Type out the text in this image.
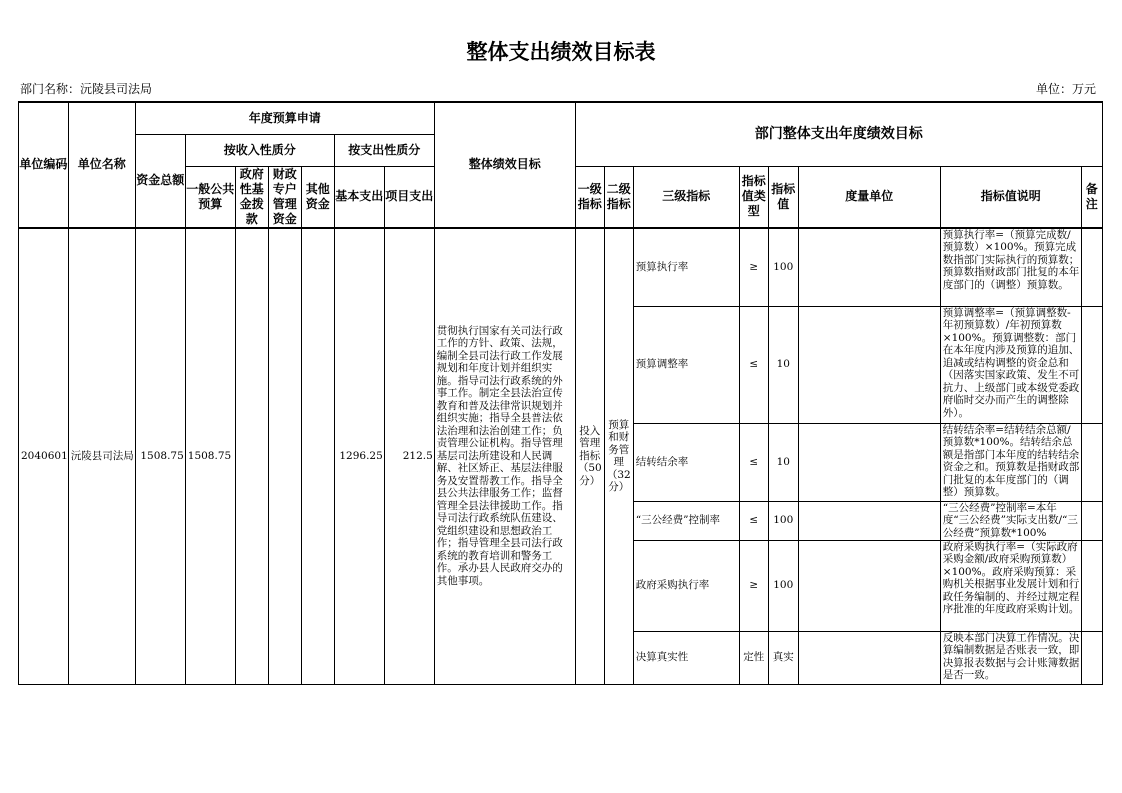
整体支出绩效目标表
部门名称：沅陵县司法局	单位：万元
单位编码	单位名称	年度预算申请							整体绩效目标	部门整体支出年度绩效目标							
		资金总额	按收入性质分				按支出性质分										
			一般公共预算	政府性基金拨款	财政专户管理资金	其他资金	基本支出	项目支出		一级指标	二级指标	三级指标	指标值类型	指标值	度量单位	指标值说明	备注
2040601	沅陵县司法局	1508.75	1508.75				1296.25	212.5	贯彻执行国家有关司法行政工作的方针、政策、法规，编制全县司法行政工作发展规划和年度计划并组织实施。指导司法行政系统的外事工作。制定全县法治宣传教育和普及法律常识规划并组织实施；指导全县普法依法治理和法治创建工作；负责管理公证机构。指导管理基层司法所建设和人民调解、社区矫正、基层法律服务及安置帮教工作。指导全县公共法律服务工作；监督管理全县法律援助工作。指导司法行政系统队伍建设、党组织建设和思想政治工作；指导管理全县司法行政系统的教育培训和警务工作。承办县人民政府交办的其他事项。	投入管理指标（50分）	预算和财务管理（32分）	预算执行率	≥	100		预算执行率=（预算完成数/预算数）×100%。预算完成数指部门实际执行的预算数；预算数指财政部门批复的本年度部门的（调整）预算数。	

												预算调整率	≤	10		预算调整率=（预算调整数-年初预算数）/年初预算数×100%。预算调整数：部门在本年度内涉及预算的追加、追减或结构调整的资金总和（因落实国家政策、发生不可抗力、上级部门或本级党委政府临时交办而产生的调整除外）。	

												结转结余率	≤	10		结转结余率=结转结余总额/预算数*100%。结转结余总额是指部门本年度的结转结余资金之和。预算数是指财政部门批复的本年度部门的（调整）预算数。	

												“三公经费”控制率	≤	100		“三公经费”控制率=本年度“三公经费”实际支出数/“三公经费”预算数*100%	

												政府采购执行率	≥	100		政府采购执行率=（实际政府采购金额/政府采购预算数）×100%。政府采购预算：采购机关根据事业发展计划和行政任务编制的、并经过规定程序批准的年度政府采购计划。	

												决算真实性	定性	真实		反映本部门决算工作情况。决算编制数据是否账表一致，即决算报表数据与会计账簿数据是否一致。	
